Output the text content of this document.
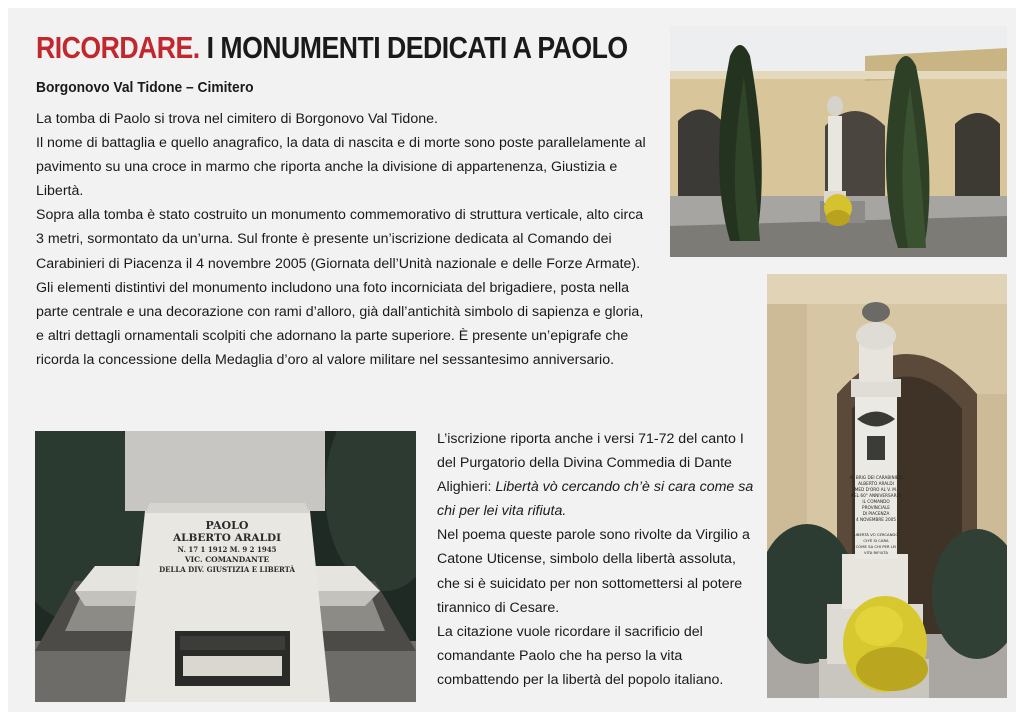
RICORDARE. I MONUMENTI DEDICATI A PAOLO
Borgonovo Val Tidone – Cimitero

La tomba di Paolo si trova nel cimitero di Borgonovo Val Tidone.

Il nome di battaglia e quello anagrafico, la data di nascita e di morte sono poste parallelamente al pavimento su una croce in marmo che riporta anche la divisione di appartenenza, Giustizia e Libertà.

Sopra alla tomba è stato costruito un monumento commemorativo di struttura verticale, alto circa 3 metri, sormontato da un’urna. Sul fronte è presente un’iscrizione dedicata al Comando dei Carabinieri di Piacenza il 4 novembre 2005 (Giornata dell’Unità nazionale e delle Forze Armate).

Gli elementi distintivi del monumento includono una foto incorniciata del brigadiere, posta nella parte centrale e una decorazione con rami d’alloro, già dall’antichità simbolo di sapienza e gloria, e altri dettagli ornamentali scolpiti che adornano la parte superiore. È presente un’epigrafe che ricorda la concessione della Medaglia d’oro al valore militare nel sessantesimo anniversario.

L’iscrizione riporta anche i versi 71-72 del canto I del Purgatorio della Divina Commedia di Dante Alighieri: Libertà vò cercando ch’è si cara come sa chi per lei vita rifiuta.

Nel poema queste parole sono rivolte da Virgilio a Catone Uticense, simbolo della libertà assoluta, che si è suicidato per non sottomettersi al potere tirannico di Cesare.

La citazione vuole ricordare il sacrificio del comandante Paolo che ha perso la vita combattendo per la libertà del popolo italiano.

AL BRIG DEI CARABINIERI
ALBERTO ARALDI
MED D'ORO AL V. M.
NEL 60° ANNIVERSARIO
IL COMANDO
PROVINCIALE
DI PIACENZA
4 NOVEMBRE 2005
LIBERTÀ VO CERCANDO
CH'È SI CARA
COME SA CHI PER LEI
VITA RIFIUTA
PAOLO
ALBERTO ARALDI
N. 17 1 1912 M. 9 2 1945
VIC. COMANDANTE
DELLA DIV. GIUSTIZIA E LIBERTÀ
